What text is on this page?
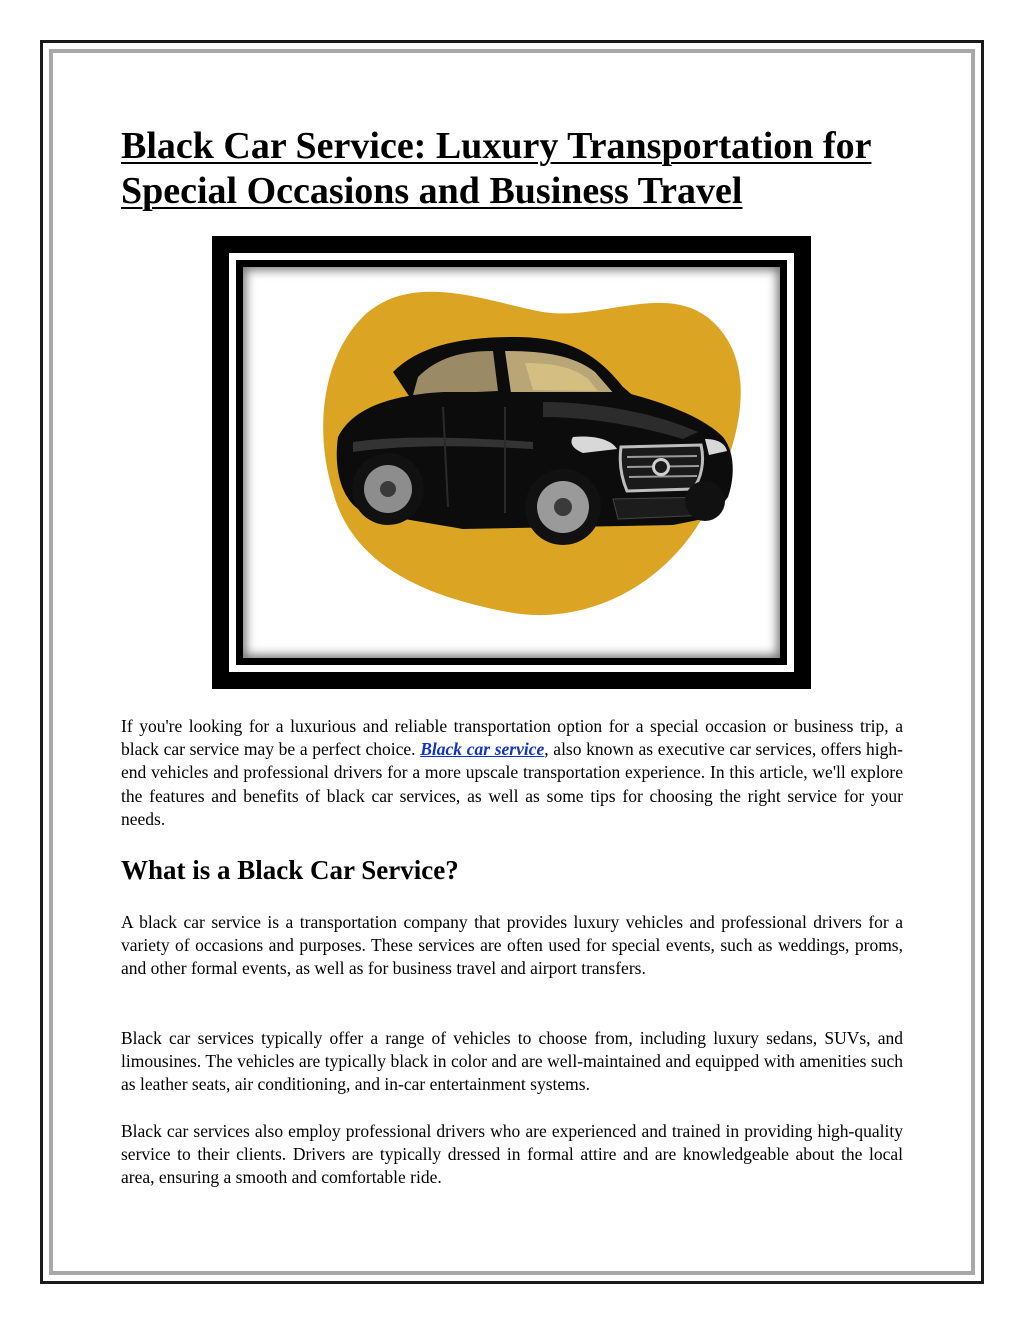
Black Car Service: Luxury Transportation for Special Occasions and Business Travel

If you're looking for a luxurious and reliable transportation option for a special occasion or business trip, a black car service may be a perfect choice. Black car service, also known as executive car services, offers high-end vehicles and professional drivers for a more upscale transportation experience. In this article, we'll explore the features and benefits of black car services, as well as some tips for choosing the right service for your needs.

What is a Black Car Service?

A black car service is a transportation company that provides luxury vehicles and professional drivers for a variety of occasions and purposes. These services are often used for special events, such as weddings, proms, and other formal events, as well as for business travel and airport transfers.

Black car services typically offer a range of vehicles to choose from, including luxury sedans, SUVs, and limousines. The vehicles are typically black in color and are well-maintained and equipped with amenities such as leather seats, air conditioning, and in-car entertainment systems.

Black car services also employ professional drivers who are experienced and trained in providing high-quality service to their clients. Drivers are typically dressed in formal attire and are knowledgeable about the local area, ensuring a smooth and comfortable ride.
